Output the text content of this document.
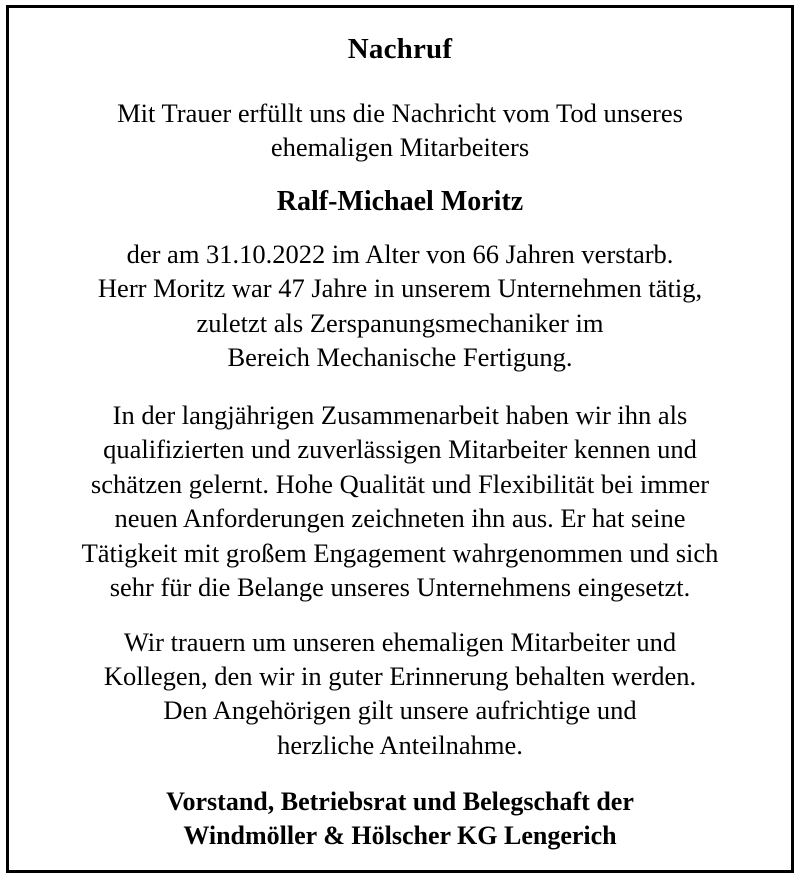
Nachruf
Mit Trauer erfüllt uns die Nachricht vom Tod unseres
ehemaligen Mitarbeiters
Ralf-Michael Moritz
der am 31.10.2022 im Alter von 66 Jahren verstarb.
Herr Moritz war 47 Jahre in unserem Unternehmen tätig,
zuletzt als Zerspanungsmechaniker im
Bereich Mechanische Fertigung.
In der langjährigen Zusammenarbeit haben wir ihn als
qualifizierten und zuverlässigen Mitarbeiter kennen und
schätzen gelernt. Hohe Qualität und Flexibilität bei immer
neuen Anforderungen zeichneten ihn aus. Er hat seine
Tätigkeit mit großem Engagement wahrgenommen und sich
sehr für die Belange unseres Unternehmens eingesetzt.
Wir trauern um unseren ehemaligen Mitarbeiter und
Kollegen, den wir in guter Erinnerung behalten werden.
Den Angehörigen gilt unsere aufrichtige und
herzliche Anteilnahme.
Vorstand, Betriebsrat und Belegschaft der
Windmöller & Hölscher KG Lengerich
